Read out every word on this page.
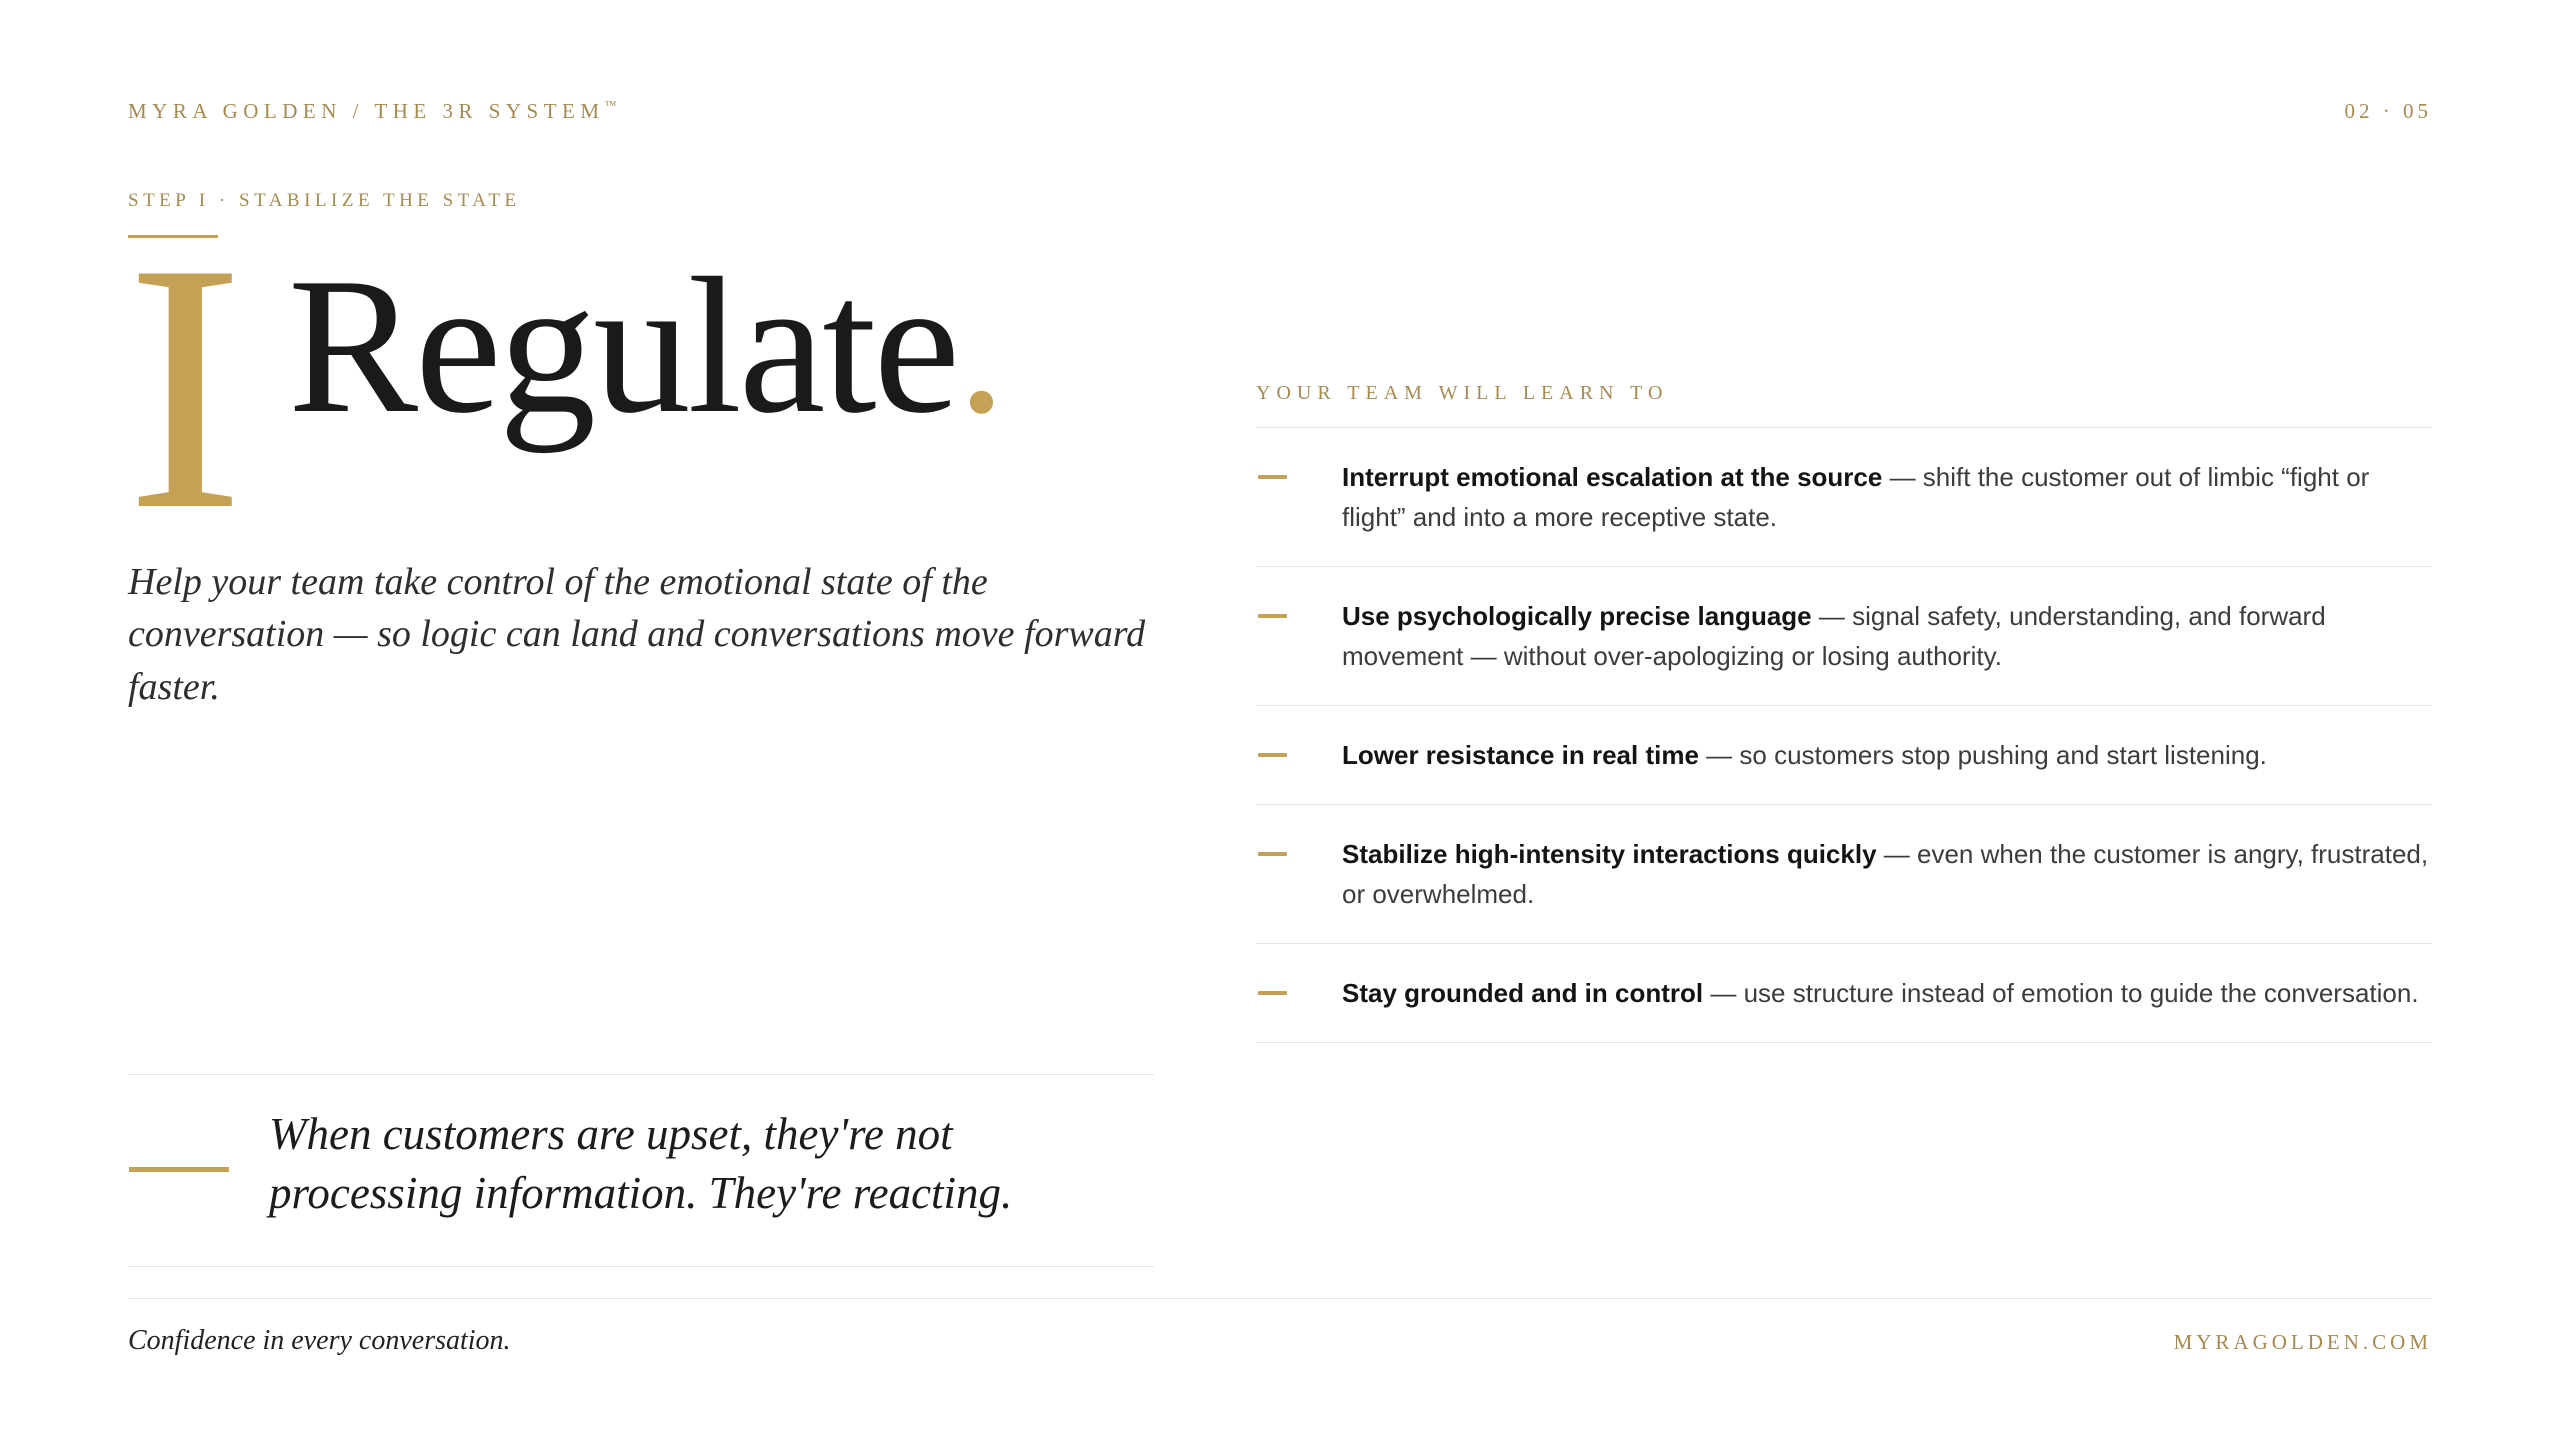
MYRA GOLDEN / THE 3R SYSTEM™	02 · 05
STEP I · STABILIZE THE STATE
I Regulate.

Help your team take control of the emotional state of the conversation — so logic can land and conversations move forward faster.

YOUR TEAM WILL LEARN TO

Interrupt emotional escalation at the source — shift the customer out of limbic “fight or flight” and into a more receptive state.

Use psychologically precise language — signal safety, understanding, and forward movement — without over-apologizing or losing authority.

Lower resistance in real time — so customers stop pushing and start listening.

Stabilize high-intensity interactions quickly — even when the customer is angry, frustrated, or overwhelmed.

Stay grounded and in control — use structure instead of emotion to guide the conversation.

When customers are upset, they're not processing information. They're reacting.

Confidence in every conversation.	MYRAGOLDEN.COM
